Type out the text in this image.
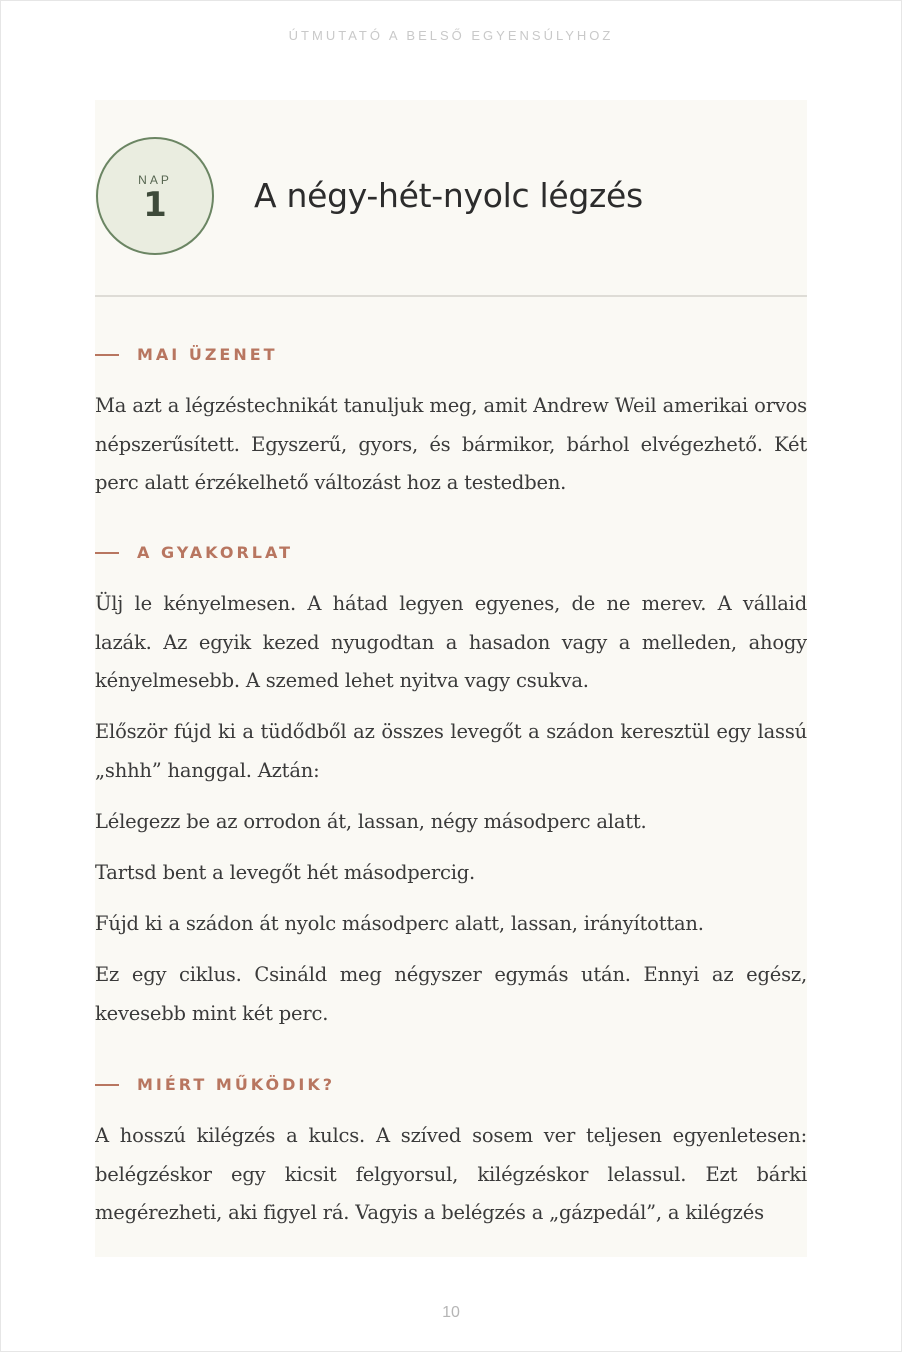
ÚTMUTATÓ A BELSŐ EGYENSÚLYHOZ
NAP
1	A négy-hét-nyolc légzés
MAI ÜZENET
Ma azt a légzéstechnikát tanuljuk meg, amit Andrew Weil amerikai orvos népszerűsített. Egyszerű, gyors, és bármikor, bárhol elvégezhető. Két perc alatt érzékelhető változást hoz a testedben.
A GYAKORLAT
Ülj le kényelmesen. A hátad legyen egyenes, de ne merev. A vállaid lazák. Az egyik kezed nyugodtan a hasadon vagy a melleden, ahogy kényelmesebb. A szemed lehet nyitva vagy csukva.
Először fújd ki a tüdődből az összes levegőt a szádon keresztül egy lassú „shhh” hanggal. Aztán:
Lélegezz be az orrodon át, lassan, négy másodperc alatt.
Tartsd bent a levegőt hét másodpercig.
Fújd ki a szádon át nyolc másodperc alatt, lassan, irányítottan.
Ez egy ciklus. Csináld meg négyszer egymás után. Ennyi az egész, kevesebb mint két perc.
MIÉRT MŰKÖDIK?
A hosszú kilégzés a kulcs. A szíved sosem ver teljesen egyenletesen: belégzéskor egy kicsit felgyorsul, kilégzéskor lelassul. Ezt bárki megérezheti, aki figyel rá. Vagyis a belégzés a „gázpedál”, a kilégzés
10
